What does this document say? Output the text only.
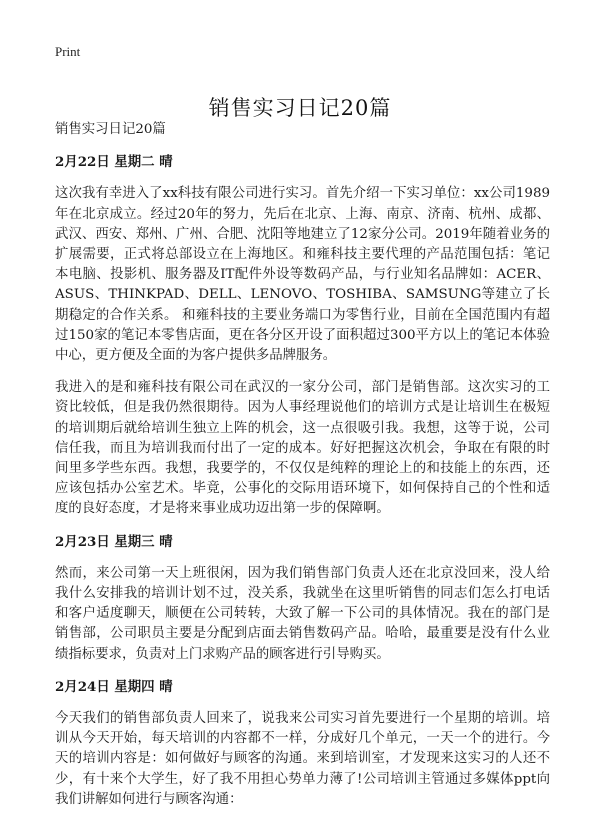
Print
销售实习日记20篇

销售实习日记20篇

2月22日 星期二 晴

这次我有幸进入了xx科技有限公司进行实习。首先介绍一下实习单位：xx公司1989年在北京成立。经过20年的努力，先后在北京、上海、南京、济南、杭州、成都、武汉、西安、郑州、广州、合肥、沈阳等地建立了12家分公司。2019年随着业务的扩展需要，正式将总部设立在上海地区。和雍科技主要代理的产品范围包括：笔记本电脑、投影机、服务器及IT配件外设等数码产品，与行业知名品牌如：ACER、ASUS、THINKPAD、DELL、LENOVO、TOSHIBA、SAMSUNG等建立了长期稳定的合作关系。 和雍科技的主要业务端口为零售行业，目前在全国范围内有超过150家的笔记本零售店面，更在各分区开设了面积超过300平方以上的笔记本体验中心，更方便及全面的为客户提供多品牌服务。

我进入的是和雍科技有限公司在武汉的一家分公司，部门是销售部。这次实习的工资比较低，但是我仍然很期待。因为人事经理说他们的培训方式是让培训生在极短的培训期后就给培训生独立上阵的机会，这一点很吸引我。我想，这等于说，公司信任我，而且为培训我而付出了一定的成本。好好把握这次机会，争取在有限的时间里多学些东西。我想，我要学的，不仅仅是纯粹的理论上的和技能上的东西，还应该包括办公室艺术。毕竟，公事化的交际用语环境下，如何保持自己的个性和适度的良好态度，才是将来事业成功迈出第一步的保障啊。

2月23日 星期三 晴

然而，来公司第一天上班很闲，因为我们销售部门负责人还在北京没回来，没人给我什么安排我的培训计划不过，没关系，我就坐在这里听销售的同志们怎么打电话和客户适度聊天，顺便在公司转转，大致了解一下公司的具体情况。我在的部门是销售部，公司职员主要是分配到店面去销售数码产品。哈哈，最重要是没有什么业绩指标要求，负责对上门求购产品的顾客进行引导购买。

2月24日 星期四 晴

今天我们的销售部负责人回来了，说我来公司实习首先要进行一个星期的培训。培训从今天开始，每天培训的内容都不一样，分成好几个单元，一天一个的进行。今天的培训内容是：如何做好与顾客的沟通。来到培训室，才发现来这实习的人还不少，有十来个大学生，好了我不用担心势单力薄了!公司培训主管通过多媒体ppt向我们讲解如何进行与顾客沟通：
